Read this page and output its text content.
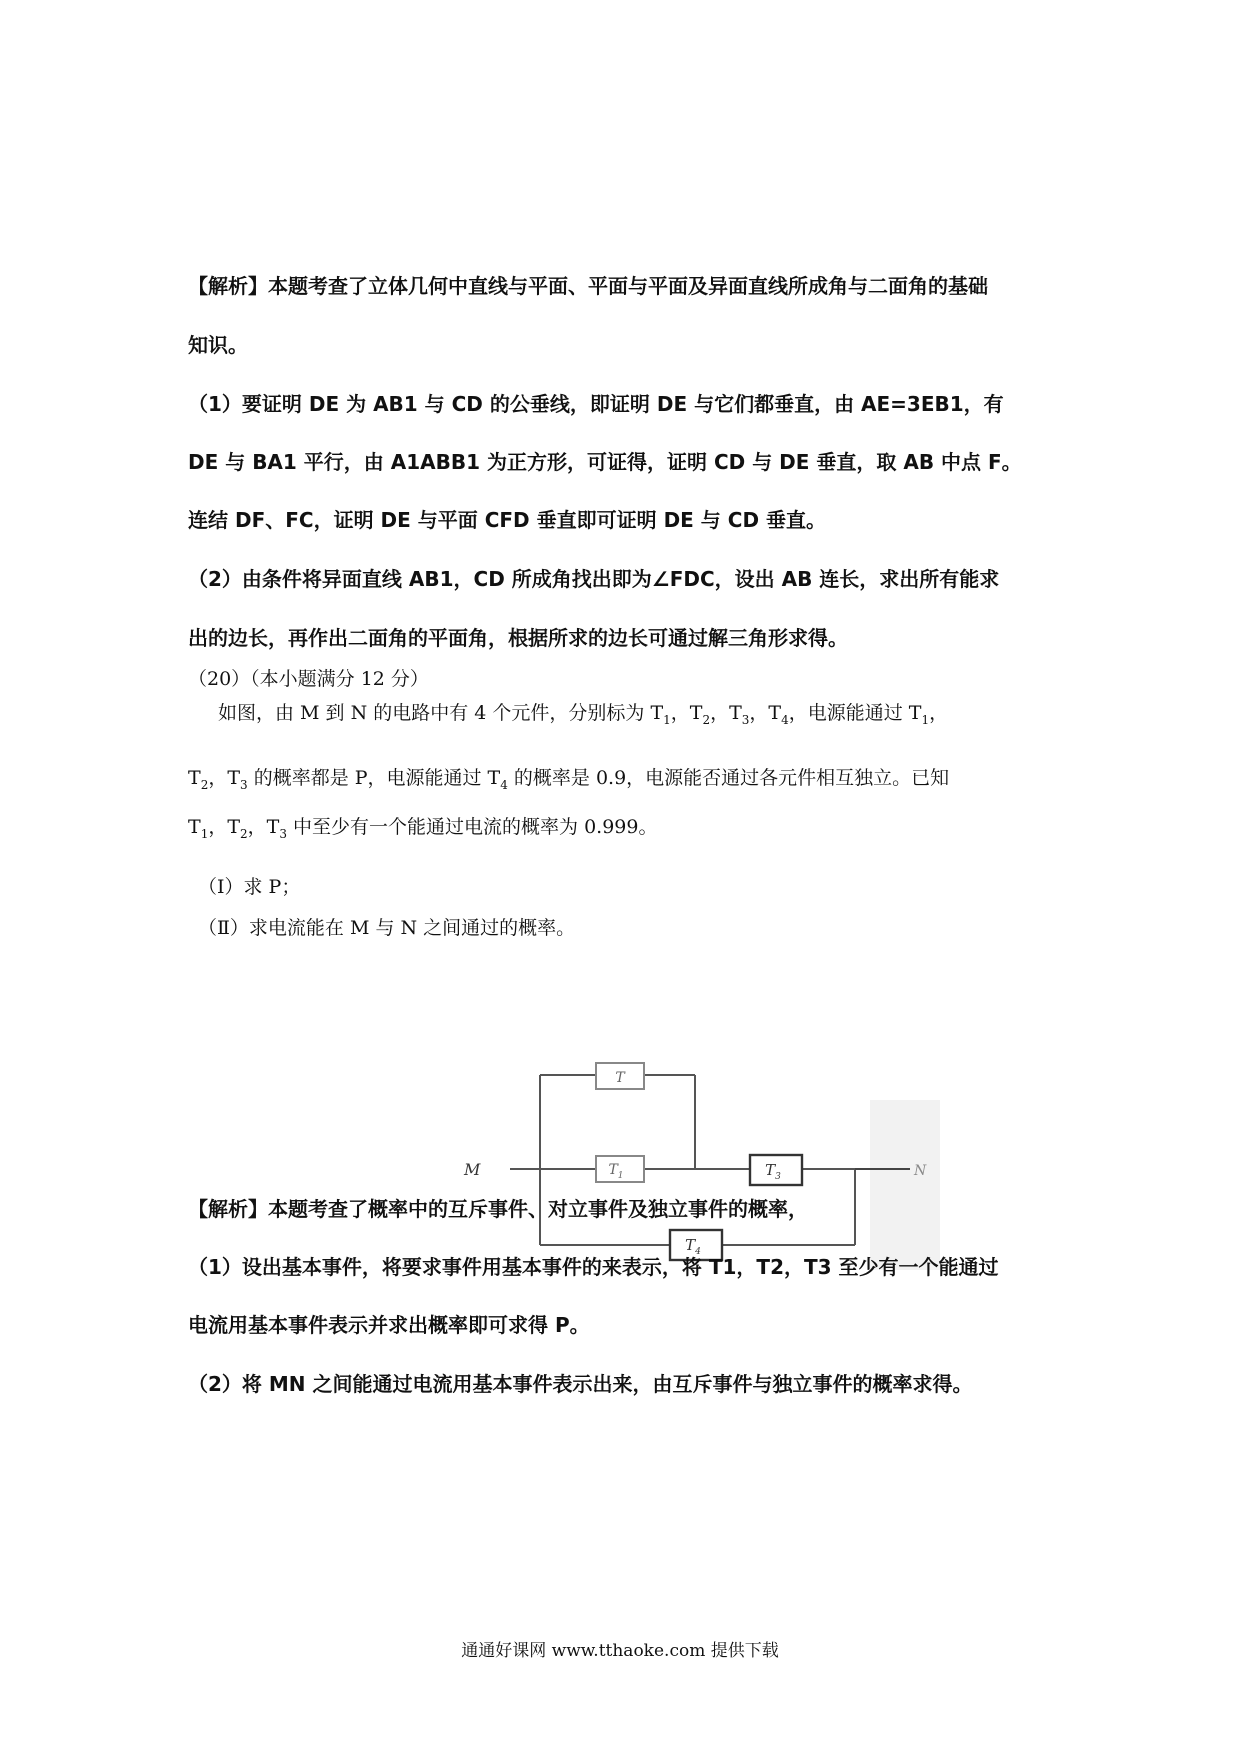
【解析】本题考查了立体几何中直线与平面、平面与平面及异面直线所成角与二面角的基础
知识。
（1）要证明 DE 为 AB1 与 CD 的公垂线，即证明 DE 与它们都垂直，由 AE=3EB1，有
DE 与 BA1 平行，由 A1ABB1 为正方形，可证得，证明 CD 与 DE 垂直，取 AB 中点 F。
连结 DF、FC，证明 DE 与平面 CFD 垂直即可证明 DE 与 CD 垂直。
（2）由条件将异面直线 AB1，CD 所成角找出即为∠FDC，设出 AB 连长，求出所有能求
出的边长，再作出二面角的平面角，根据所求的边长可通过解三角形求得。
（20）（本小题满分 12 分）
如图，由 M 到 N 的电路中有 4 个元件，分别标为 $T_1$，$T_2$，$T_3$，$T_4$，电源能通过 $T_1$，
$T_2$，$T_3$ 的概率都是 P，电源能通过 $T_4$ 的概率是 0.9，电源能否通过各元件相互独立。已知
$T_1$，$T_2$，$T_3$ 中至少有一个能通过电流的概率为 0.999。
（Ⅰ）求 P；
（Ⅱ）求电流能在 M 与 N 之间通过的概率。
T
$T_1$	$T_3$
$T_4$
M	N
【解析】本题考查了概率中的互斥事件、对立事件及独立事件的概率，
（1）设出基本事件，将要求事件用基本事件的来表示，将 T1，T2，T3 至少有一个能通过
电流用基本事件表示并求出概率即可求得 P。
（2）将 MN 之间能通过电流用基本事件表示出来，由互斥事件与独立事件的概率求得。
通通好课网 www.tthaoke.com 提供下载
